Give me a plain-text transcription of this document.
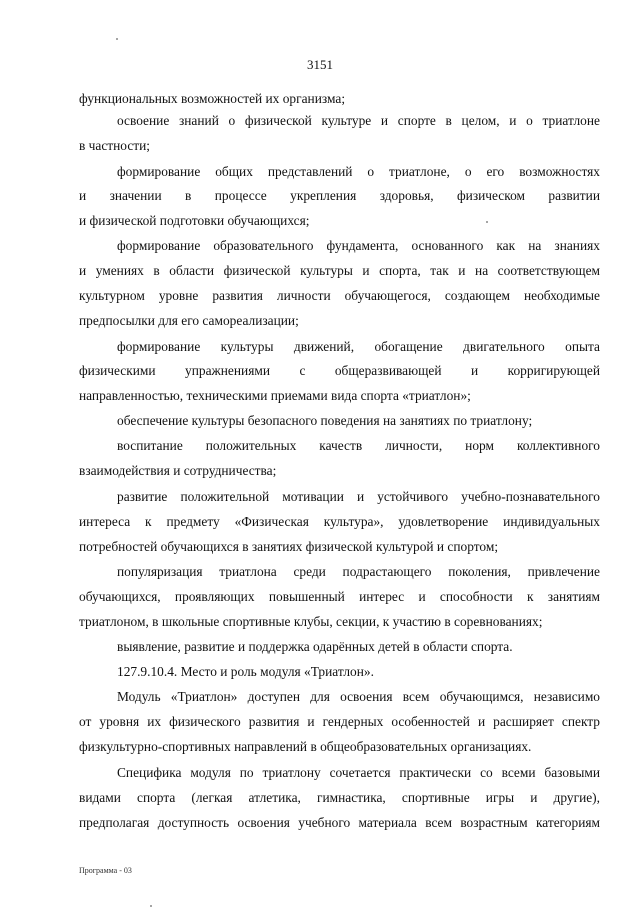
3151
функциональных возможностей их организма;
освоение знаний о физической культуре и спорте в целом, и о триатлоне
в частности;
формирование общих представлений о триатлоне, о его возможностях
и значении в процессе укрепления здоровья, физическом развитии
и физической подготовки обучающихся;
формирование образовательного фундамента, основанного как на знаниях
и умениях в области физической культуры и спорта, так и на соответствующем
культурном уровне развития личности обучающегося, создающем необходимые
предпосылки для его самореализации;
формирование культуры движений, обогащение двигательного опыта
физическими упражнениями с общеразвивающей и корригирующей
направленностью, техническими приемами вида спорта «триатлон»;
обеспечение культуры безопасного поведения на занятиях по триатлону;
воспитание положительных качеств личности, норм коллективного
взаимодействия и сотрудничества;
развитие положительной мотивации и устойчивого учебно-познавательного
интереса к предмету «Физическая культура», удовлетворение индивидуальных
потребностей обучающихся в занятиях физической культурой и спортом;
популяризация триатлона среди подрастающего поколения, привлечение
обучающихся, проявляющих повышенный интерес и способности к занятиям
триатлоном, в школьные спортивные клубы, секции, к участию в соревнованиях;
выявление, развитие и поддержка одарённых детей в области спорта.
127.9.10.4. Место и роль модуля «Триатлон».
Модуль «Триатлон» доступен для освоения всем обучающимся, независимо
от уровня их физического развития и гендерных особенностей и расширяет спектр
физкультурно-спортивных направлений в общеобразовательных организациях.
Специфика модуля по триатлону сочетается практически со всеми базовыми
видами спорта (легкая атлетика, гимнастика, спортивные игры и другие),
предполагая доступность освоения учебного материала всем возрастным категориям
Программа - 03
